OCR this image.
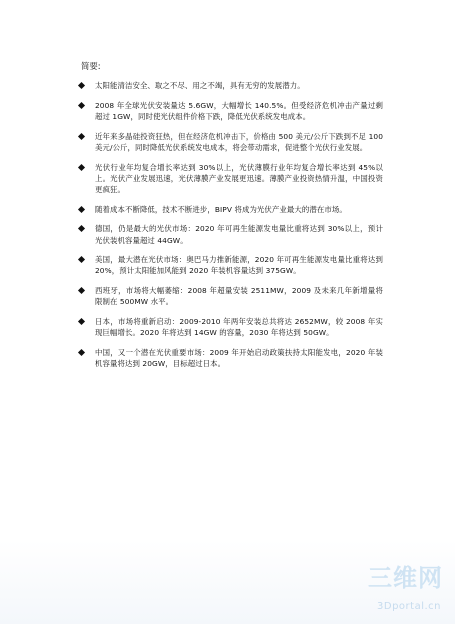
简要:
太阳能清洁安全、取之不尽、用之不竭，具有无穷的发展潜力。
2008 年全球光伏安装量达 5.6GW，大幅增长 140.5%。但受经济危机冲击产量过剩超过 1GW，同时使光伏组件价格下跌，降低光伏系统发电成本。
近年来多晶硅投资狂热，但在经济危机冲击下，价格由 500 美元/公斤下跌到不足 100 美元/公斤，同时降低光伏系统发电成本，将会带动需求，促进整个光伏行业发展。
光伏行业年均复合增长率达到 30%以上，光伏薄膜行业年均复合增长率达到 45%以上。光伏产业发展迅速，光伏薄膜产业发展更迅速。薄膜产业投资热情升温，中国投资更疯狂。
随着成本不断降低，技术不断进步，BIPV 将成为光伏产业最大的潜在市场。
德国，仍是最大的光伏市场：2020 年可再生能源发电量比重将达到 30%以上，预计光伏装机容量超过 44GW。
美国，最大潜在光伏市场：奥巴马力推新能源，2020 年可再生能源发电量比重将达到 20%，预计太阳能加风能到 2020 年装机容量达到 375GW。
西班牙，市场将大幅萎缩：2008 年超量安装 2511MW，2009 及未来几年新增量将限制在 500MW 水平。
日本，市场将重新启动：2009-2010 年两年安装总共将达 2652MW，较 2008 年实现巨幅增长。2020 年将达到 14GW 的容量，2030 年将达到 50GW。
中国，又一个潜在光伏重要市场：2009 年开始启动政策扶持太阳能发电，2020 年装机容量将达到 20GW，目标超过日本。
三维网
3Dportal.cn
